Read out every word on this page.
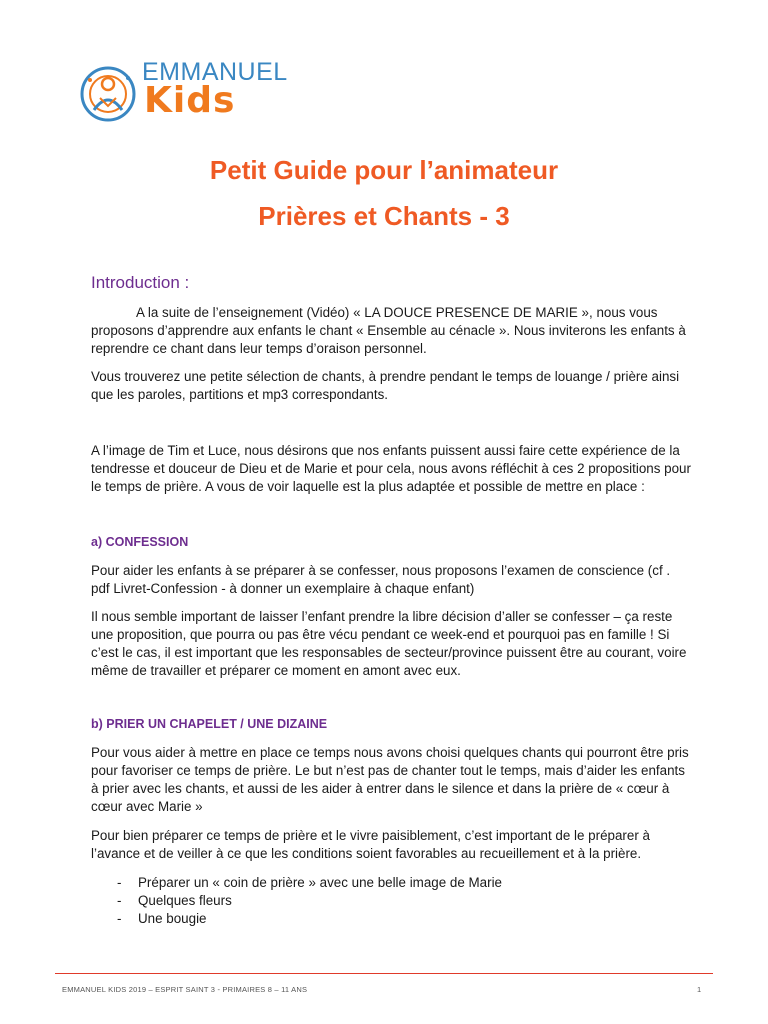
EMMANUEL
Kids
Petit Guide pour l’animateur
Prières et Chants - 3
Introduction :

A la suite de l’enseignement (Vidéo) « LA DOUCE PRESENCE DE MARIE », nous vous proposons d’apprendre aux enfants le chant « Ensemble au cénacle ». Nous inviterons les enfants à reprendre ce chant dans leur temps d’oraison personnel.

Vous trouverez une petite sélection de chants, à prendre pendant le temps de louange / prière ainsi que les paroles, partitions et mp3 correspondants.

A l’image de Tim et Luce, nous désirons que nos enfants puissent aussi faire cette expérience de la tendresse et douceur de Dieu et de Marie et pour cela, nous avons réfléchit à ces 2 propositions pour le temps de prière. A vous de voir laquelle est la plus adaptée et possible de mettre en place :

a) CONFESSION

Pour aider les enfants à se préparer à se confesser, nous proposons l’examen de conscience (cf . pdf Livret-Confession - à donner un exemplaire à chaque enfant)

Il nous semble important de laisser l’enfant prendre la libre décision d’aller se confesser – ça reste une proposition, que pourra ou pas être vécu pendant ce week-end et pourquoi pas en famille ! Si c’est le cas, il est important que les responsables de secteur/province puissent être au courant, voire même de travailler et préparer ce moment en amont avec eux.

b) PRIER UN CHAPELET / UNE DIZAINE

Pour vous aider à mettre en place ce temps nous avons choisi quelques chants qui pourront être pris pour favoriser ce temps de prière. Le but n’est pas de chanter tout le temps, mais d’aider les enfants à prier avec les chants, et aussi de les aider à entrer dans le silence et dans la prière de « cœur à cœur avec Marie »

Pour bien préparer ce temps de prière et le vivre paisiblement, c’est important de le préparer à l’avance et de veiller à ce que les conditions soient favorables au recueillement et à la prière.

- Préparer un « coin de prière » avec une belle image de Marie
- Quelques fleurs
- Une bougie
EMMANUEL KIDS 2019 – ESPRIT SAINT 3 - PRIMAIRES 8 – 11 ANS	1
